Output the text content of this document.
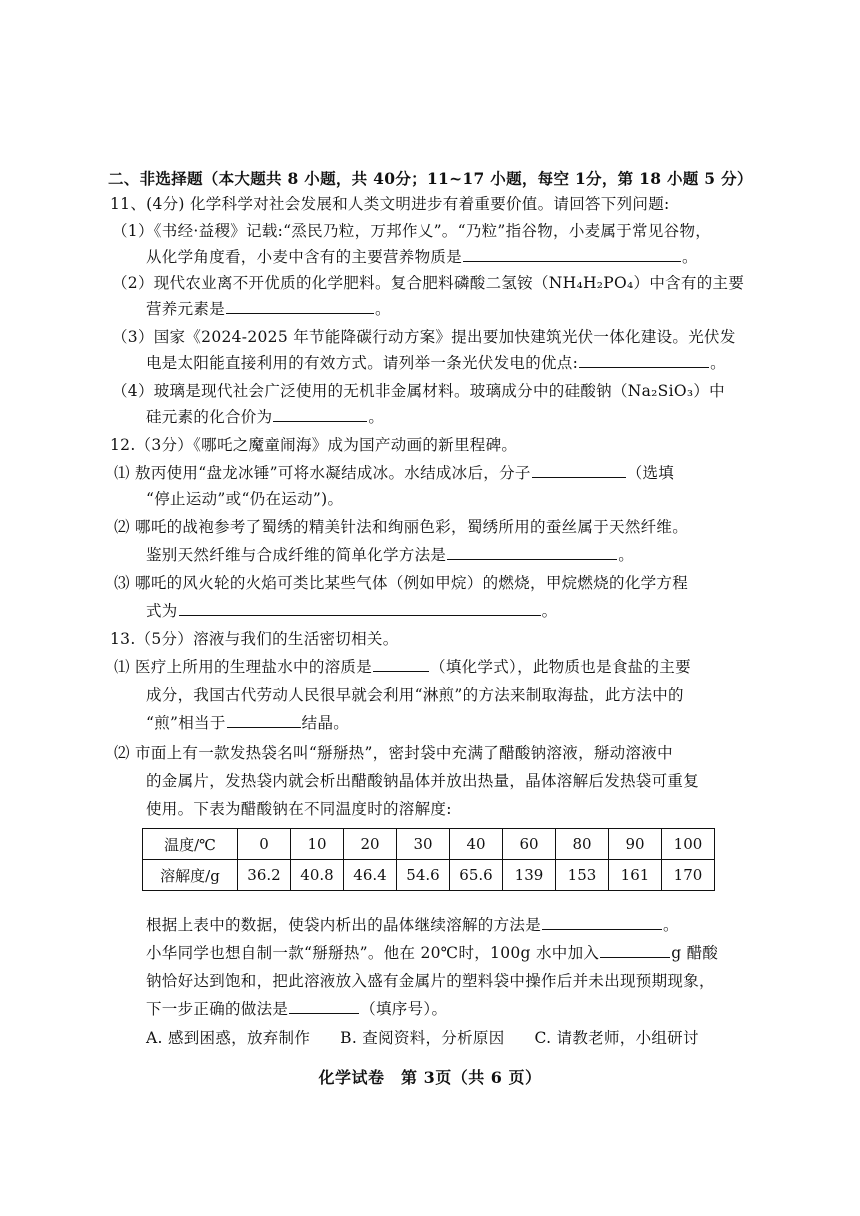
二、非选择题（本大题共 8 小题，共 40分；11~17 小题，每空 1分，第 18 小题 5 分）
11、(4分) 化学科学对社会发展和人类文明进步有着重要价值。请回答下列问题:
（1）《书经·益稷》记载:“烝民乃粒，万邦作乂”。“乃粒”指谷物，小麦属于常见谷物，
从化学角度看，小麦中含有的主要营养物质是	。
（2）现代农业离不开优质的化学肥料。复合肥料磷酸二氢铵（NH₄H₂PO₄）中含有的主要
营养元素是	。
（3）国家《2024-2025 年节能降碳行动方案》提出要加快建筑光伏一体化建设。光伏发
电是太阳能直接利用的有效方式。请列举一条光伏发电的优点:	。
（4）玻璃是现代社会广泛使用的无机非金属材料。玻璃成分中的硅酸钠（Na₂SiO₃）中
硅元素的化合价为	。
12.（3分）《哪吒之魔童闹海》成为国产动画的新里程碑。
⑴ 敖丙使用“盘龙冰锤”可将水凝结成冰。水结成冰后，分子	（选填
“停止运动”或“仍在运动”)。
⑵ 哪吒的战袍参考了蜀绣的精美针法和绚丽色彩，蜀绣所用的蚕丝属于天然纤维。
鉴别天然纤维与合成纤维的简单化学方法是	。
⑶ 哪吒的风火轮的火焰可类比某些气体（例如甲烷）的燃烧，甲烷燃烧的化学方程
式为	。
13.（5分）溶液与我们的生活密切相关。
⑴ 医疗上所用的生理盐水中的溶质是	（填化学式），此物质也是食盐的主要
成分，我国古代劳动人民很早就会利用“淋煎”的方法来制取海盐，此方法中的
“煎”相当于	结晶。
⑵ 市面上有一款发热袋名叫“掰掰热”，密封袋中充满了醋酸钠溶液，掰动溶液中
的金属片，发热袋内就会析出醋酸钠晶体并放出热量，晶体溶解后发热袋可重复
使用。下表为醋酸钠在不同温度时的溶解度:
温度/℃	0	10	20	30	40	60	80	90	100
溶解度/g	36.2	40.8	46.4	54.6	65.6	139	153	161	170
根据上表中的数据，使袋内析出的晶体继续溶解的方法是	。
小华同学也想自制一款“掰掰热”。他在 20℃时，100g 水中加入	g 醋酸
钠恰好达到饱和，把此溶液放入盛有金属片的塑料袋中操作后并未出现预期现象，
下一步正确的做法是	（填序号）。
A. 感到困惑，放弃制作 B. 查阅资料，分析原因 C. 请教老师，小组研讨
化学试卷　第 3页（共 6 页）
